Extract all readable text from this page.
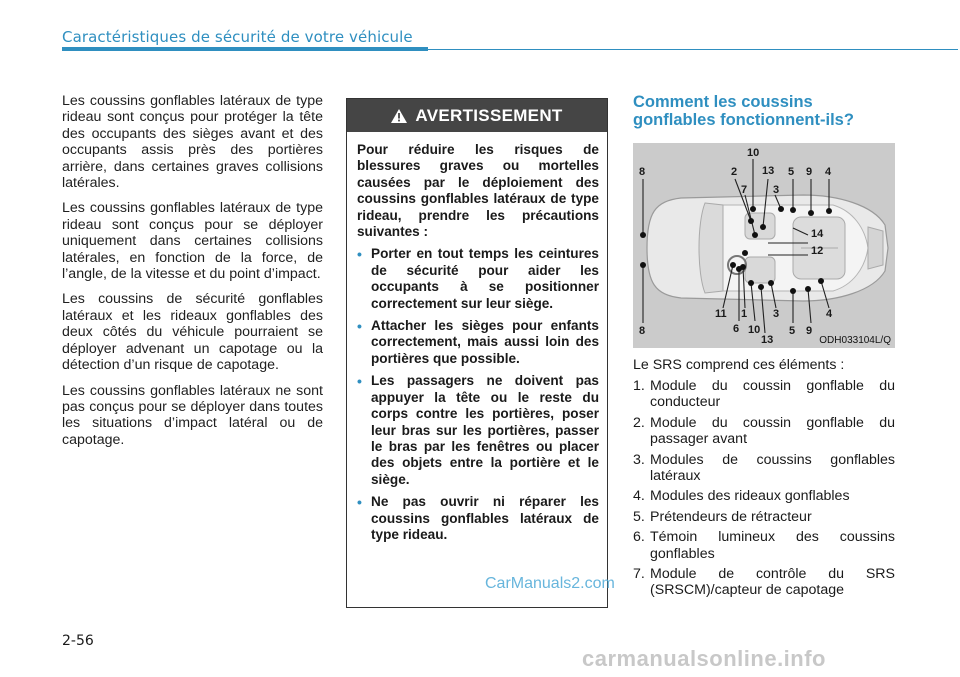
Caractéristiques de sécurité de votre véhicule

Les coussins gonflables latéraux de type rideau sont conçus pour protéger la tête des occupants des sièges avant et des occupants assis près des portières arrière, dans certaines graves collisions latérales.

Les coussins gonflables latéraux de type rideau sont conçus pour se déployer uniquement dans certaines collisions latérales, en fonction de la force, de l’angle, de la vitesse et du point d’impact.

Les coussins de sécurité gonflables latéraux et les rideaux gonflables des deux côtés du véhicule pourraient se déployer advenant un capotage ou la détection d’un risque de capotage.

Les coussins gonflables latéraux ne sont pas conçus pour se déployer dans toutes les situations d’impact latéral ou de capotage.

AVERTISSEMENT

Pour réduire les risques de blessures graves ou mortelles causées par le déploiement des coussins gonflables latéraux de type rideau, prendre les précautions suivantes :

• Porter en tout temps les ceintures de sécurité pour aider les occupants à se positionner correctement sur leur siège.
• Attacher les sièges pour enfants correctement, mais aussi loin des portières que possible.
• Les passagers ne doivent pas appuyer la tête ou le reste du corps contre les portières, poser leur bras sur les portières, passer le bras par les fenêtres ou placer des objets entre la portière et le siège.
• Ne pas ouvrir ni réparer les coussins gonflables latéraux de type rideau.
Comment les coussins
gonflables fonctionnent-ils?
8
8
10
2 13 5 9 4
7 3
14
12
11 1 3	4
6 10	5 9
13	ODH033104L/Q
Le SRS comprend ces éléments :
1. Module du coussin gonflable du conducteur
2. Module du coussin gonflable du passager avant
3. Modules de coussins gonflables latéraux
4. Modules des rideaux gonflables
5. Prétendeurs de rétracteur
6. Témoin lumineux des coussins gonflables
7. Module de contrôle du SRS (SRSCM)/capteur de capotage
2-56
CarManuals2.com
carmanualsonline.info
